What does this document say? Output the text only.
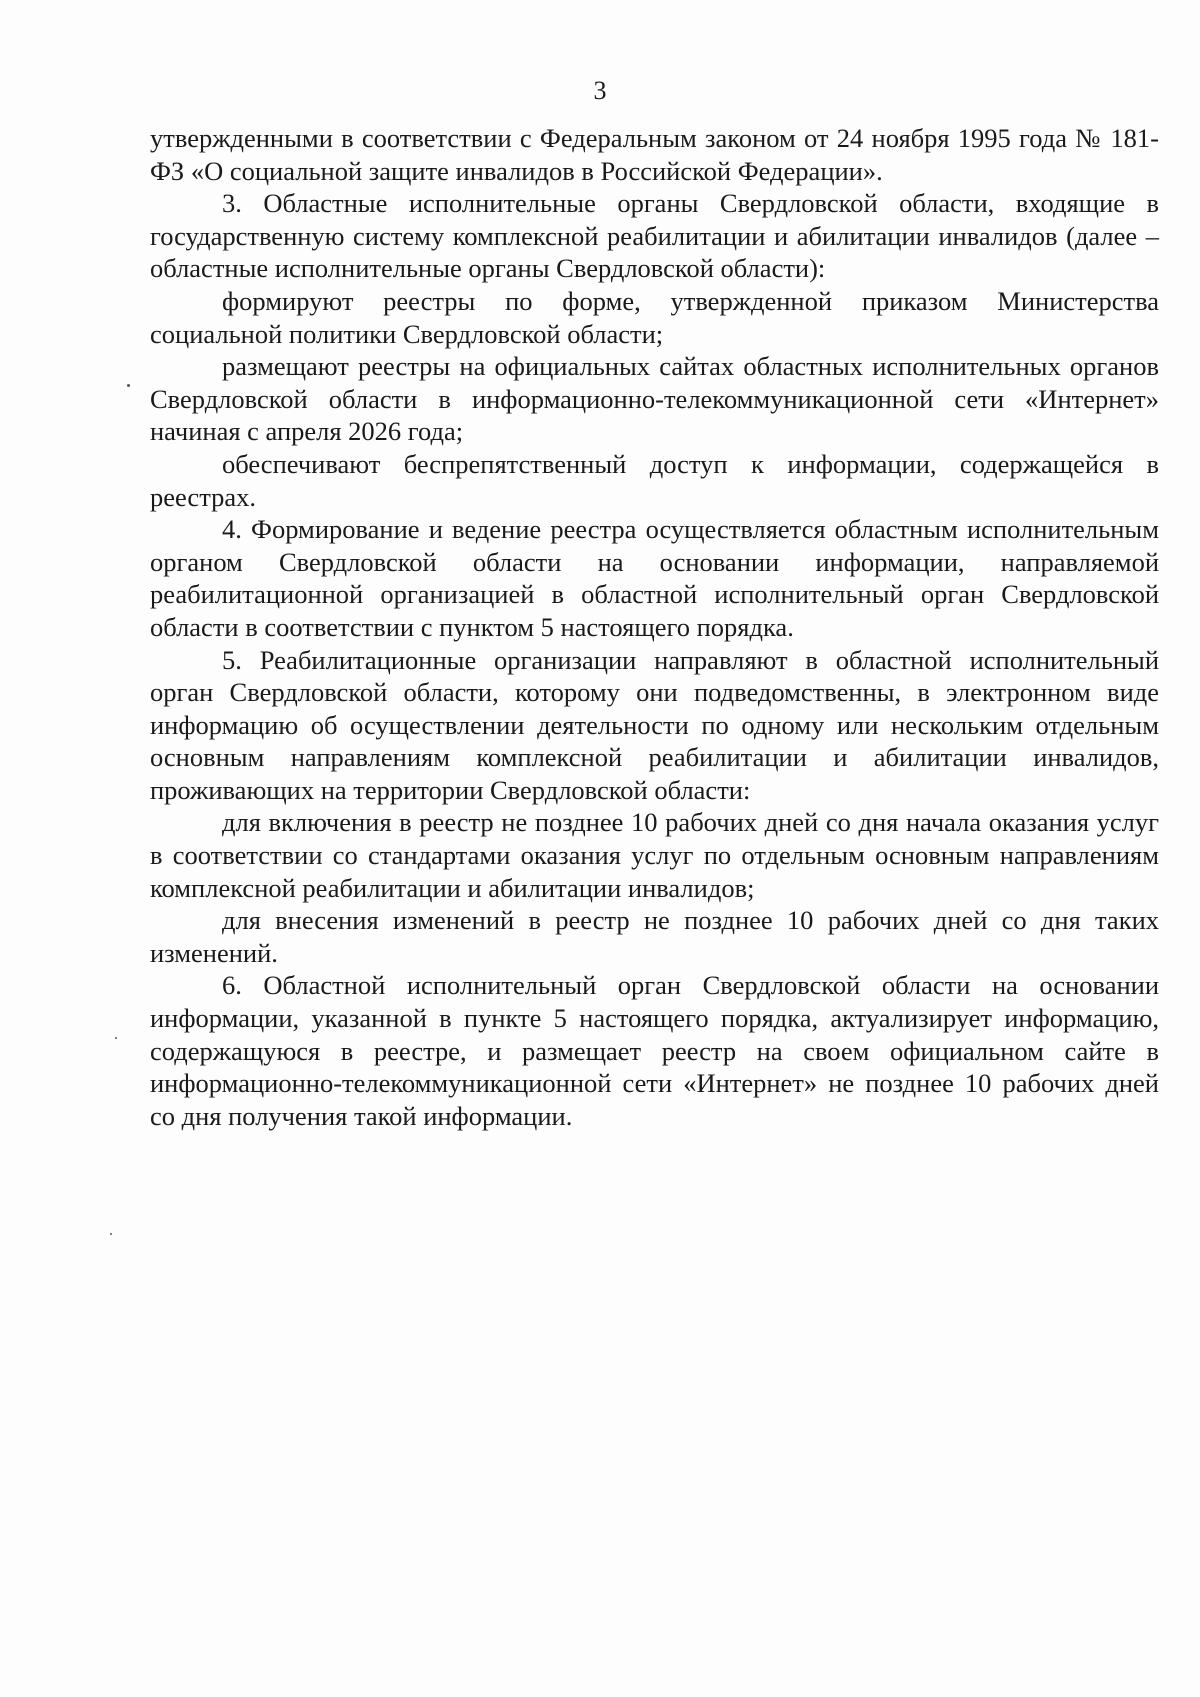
3

утвержденными в соответствии с Федеральным законом от 24 ноября 1995 года № 181-ФЗ «О социальной защите инвалидов в Российской Федерации».

3. Областные исполнительные органы Свердловской области, входящие в государственную систему комплексной реабилитации и абилитации инвалидов (далее – областные исполнительные органы Свердловской области):

формируют реестры по форме, утвержденной приказом Министерства социальной политики Свердловской области;

размещают реестры на официальных сайтах областных исполнительных органов Свердловской области в информационно-телекоммуникационной сети «Интернет» начиная с апреля 2026 года;

обеспечивают беспрепятственный доступ к информации, содержащейся в реестрах.

4. Формирование и ведение реестра осуществляется областным исполнительным органом Свердловской области на основании информации, направляемой реабилитационной организацией в областной исполнительный орган Свердловской области в соответствии с пунктом 5 настоящего порядка.

5. Реабилитационные организации направляют в областной исполнительный орган Свердловской области, которому они подведомственны, в электронном виде информацию об осуществлении деятельности по одному или нескольким отдельным основным направлениям комплексной реабилитации и абилитации инвалидов, проживающих на территории Свердловской области:

для включения в реестр не позднее 10 рабочих дней со дня начала оказания услуг в соответствии со стандартами оказания услуг по отдельным основным направлениям комплексной реабилитации и абилитации инвалидов;

для внесения изменений в реестр не позднее 10 рабочих дней со дня таких изменений.

6. Областной исполнительный орган Свердловской области на основании информации, указанной в пункте 5 настоящего порядка, актуализирует информацию, содержащуюся в реестре, и размещает реестр на своем официальном сайте в информационно-телекоммуникационной сети «Интернет» не позднее 10 рабочих дней со дня получения такой информации.
